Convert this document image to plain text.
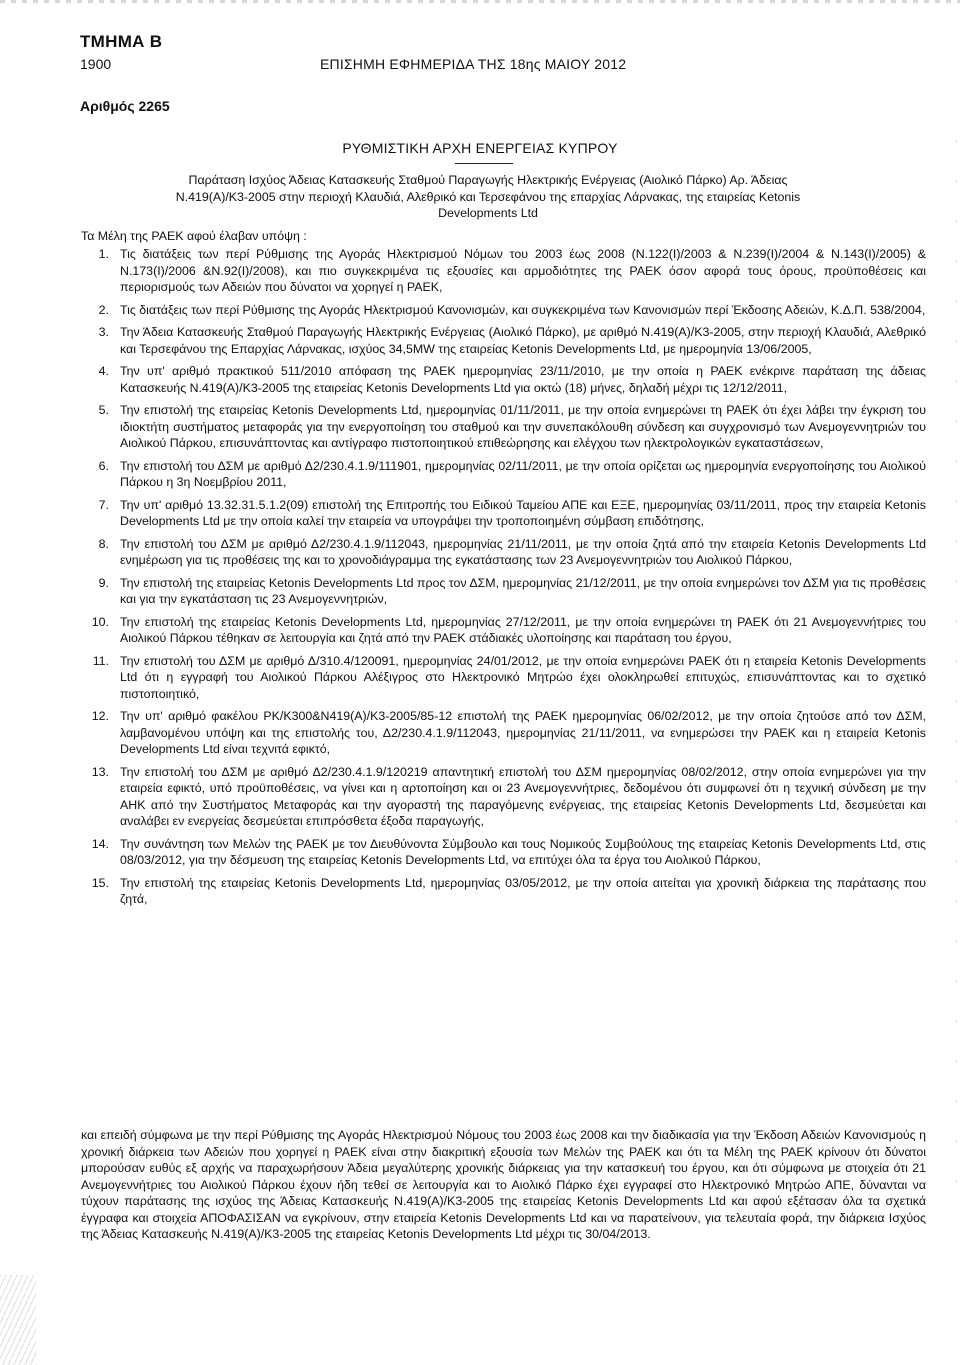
ΤΜΗΜΑ Β
1900	ΕΠΙΣΗΜΗ ΕΦΗΜΕΡΙΔΑ ΤΗΣ 18ης ΜΑΙΟΥ 2012
Αριθμός 2265
ΡΥΘΜΙΣΤΙΚΗ ΑΡΧΗ ΕΝΕΡΓΕΙΑΣ ΚΥΠΡΟΥ
Παράταση Ισχύος Άδειας Κατασκευής Σταθμού Παραγωγής Ηλεκτρικής Ενέργειας (Αιολικό Πάρκο) Αρ. Άδειας
Ν.419(Α)/Κ3-2005 στην περιοχή Κλαυδιά, Αλεθρικό και Τερσεφάνου της επαρχίας Λάρνακας, της εταιρείας Ketonis
Developments Ltd
Τα Μέλη της ΡΑΕΚ αφού έλαβαν υπόψη :
1. Τις διατάξεις των περί Ρύθμισης της Αγοράς Ηλεκτρισμού Νόμων του 2003 έως 2008 (Ν.122(Ι)/2003 & Ν.239(Ι)/2004 & Ν.143(Ι)/2005) & Ν.173(Ι)/2006 &Ν.92(Ι)/2008), και πιο συγκεκριμένα τις εξουσίες και αρμοδιότητες της ΡΑΕΚ όσον αφορά τους όρους, προϋποθέσεις και περιορισμούς των Αδειών που δύνατοι να χορηγεί η ΡΑΕΚ,
2. Τις διατάξεις των περί Ρύθμισης της Αγοράς Ηλεκτρισμού Κανονισμών, και συγκεκριμένα των Κανονισμών περί Έκδοσης Αδειών, Κ.Δ.Π. 538/2004,
3. Την Άδεια Κατασκευής Σταθμού Παραγωγής Ηλεκτρικής Ενέργειας (Αιολικό Πάρκο), με αριθμό Ν.419(Α)/Κ3-2005, στην περιοχή Κλαυδιά, Αλεθρικό και Τερσεφάνου της Επαρχίας Λάρνακας, ισχύος 34,5MW της εταιρείας Ketonis Developments Ltd, με ημερομηνία 13/06/2005,
4. Την υπ' αριθμό πρακτικού 511/2010 απόφαση της ΡΑΕΚ ημερομηνίας 23/11/2010, με την οποία η ΡΑΕΚ ενέκρινε παράταση της άδειας Κατασκευής Ν.419(Α)/Κ3-2005 της εταιρείας Ketonis Developments Ltd για οκτώ (18) μήνες, δηλαδή μέχρι τις 12/12/2011,
5. Την επιστολή της εταιρείας Ketonis Developments Ltd, ημερομηνίας 01/11/2011, με την οποία ενημερώνει τη ΡΑΕΚ ότι έχει λάβει την έγκριση του ιδιοκτήτη συστήματος μεταφοράς για την ενεργοποίηση του σταθμού και την συνεπακόλουθη σύνδεση και συγχρονισμό των Ανεμογεννητριών του Αιολικού Πάρκου, επισυνάπτοντας και αντίγραφο πιστοποιητικού επιθεώρησης και ελέγχου των ηλεκτρολογικών εγκαταστάσεων,
6. Την επιστολή του ΔΣΜ με αριθμό Δ2/230.4.1.9/111901, ημερομηνίας 02/11/2011, με την οποία ορίζεται ως ημερομηνία ενεργοποίησης του Αιολικού Πάρκου η 3η Νοεμβρίου 2011,
7. Την υπ' αριθμό 13.32.31.5.1.2(09) επιστολή της Επιτροπής του Ειδικού Ταμείου ΑΠΕ και ΕΞΕ, ημερομηνίας 03/11/2011, προς την εταιρεία Ketonis Developments Ltd με την οποία καλεί την εταιρεία να υπογράψει την τροποποιημένη σύμβαση επιδότησης,
8. Την επιστολή του ΔΣΜ με αριθμό Δ2/230.4.1.9/112043, ημερομηνίας 21/11/2011, με την οποία ζητά από την εταιρεία Ketonis Developments Ltd ενημέρωση για τις προθέσεις της και το χρονοδιάγραμμα της εγκατάστασης των 23 Ανεμογεννητριών του Αιολικού Πάρκου,
9. Την επιστολή της εταιρείας Ketonis Developments Ltd προς τον ΔΣΜ, ημερομηνίας 21/12/2011, με την οποία ενημερώνει τον ΔΣΜ για τις προθέσεις και για την εγκατάσταση τις 23 Ανεμογεννητριών,
10. Την επιστολή της εταιρείας Ketonis Developments Ltd, ημερομηνίας 27/12/2011, με την οποία ενημερώνει τη ΡΑΕΚ ότι 21 Ανεμογεννήτριες του Αιολικού Πάρκου τέθηκαν σε λειτουργία και ζητά από την ΡΑΕΚ στάδιακές υλοποίησης και παράταση του έργου,
11. Την επιστολή του ΔΣΜ με αριθμό Δ/310.4/120091, ημερομηνίας 24/01/2012, με την οποία ενημερώνει ΡΑΕΚ ότι η εταιρεία Ketonis Developments Ltd ότι η εγγραφή του Αιολικού Πάρκου Αλέξιγρος στο Ηλεκτρονικό Μητρώο έχει ολοκληρωθεί επιτυχώς, επισυνάπτοντας και το σχετικό πιστοποιητικό,
12. Την υπ' αριθμό φακέλου ΡΚ/Κ300&Ν419(Α)/Κ3-2005/85-12 επιστολή της ΡΑΕΚ ημερομηνίας 06/02/2012, με την οποία ζητούσε από τον ΔΣΜ, λαμβανομένου υπόψη και της επιστολής του, Δ2/230.4.1.9/112043, ημερομηνίας 21/11/2011, να ενημερώσει την ΡΑΕΚ και η εταιρεία Ketonis Developments Ltd είναι τεχνιτά εφικτό,
13. Την επιστολή του ΔΣΜ με αριθμό Δ2/230.4.1.9/120219 απαντητική επιστολή του ΔΣΜ ημερομηνίας 08/02/2012, στην οποία ενημερώνει για την εταιρεία εφικτό, υπό προϋποθέσεις, να γίνει και η αρτοποίηση και οι 23 Ανεμογεννήτριες, δεδομένου ότι συμφωνεί ότι η τεχνική σύνδεση με την ΑΗΚ από την Συστήματος Μεταφοράς και την αγοραστή της παραγόμενης ενέργειας, της εταιρείας Ketonis Developments Ltd, δεσμεύεται και αναλάβει εν ενεργείας δεσμεύεται επιπρόσθετα έξοδα παραγωγής,
14. Την συνάντηση των Μελών της ΡΑΕΚ με τον Διευθύνοντα Σύμβουλο και τους Νομικούς Συμβούλους της εταιρείας Ketonis Developments Ltd, στις 08/03/2012, για την δέσμευση της εταιρείας Ketonis Developments Ltd, να επιτύχει όλα τα έργα του Αιολικού Πάρκου,
15. Την επιστολή της εταιρείας Ketonis Developments Ltd, ημερομηνίας 03/05/2012, με την οποία αιτείται για χρονική διάρκεια της παράτασης που ζητά,
και επειδή σύμφωνα με την περί Ρύθμισης της Αγοράς Ηλεκτρισμού Νόμους του 2003 έως 2008 και την διαδικασία για την Έκδοση Αδειών Κανονισμούς η χρονική διάρκεια των Αδειών που χορηγεί η ΡΑΕΚ είναι στην διακριτική εξουσία των Μελών της ΡΑΕΚ και ότι τα Μέλη της ΡΑΕΚ κρίνουν ότι δύνατοι μπορούσαν ευθύς εξ αρχής να παραχωρήσουν Άδεια μεγαλύτερης χρονικής διάρκειας για την κατασκευή του έργου, και ότι σύμφωνα με στοιχεία ότι 21 Ανεμογεννήτριες του Αιολικού Πάρκου έχουν ήδη τεθεί σε λειτουργία και το Αιολικό Πάρκο έχει εγγραφεί στο Ηλεκτρονικό Μητρώο ΑΠΕ, δύνανται να τύχουν παράτασης της ισχύος της Άδειας Κατασκευής Ν.419(Α)/Κ3-2005 της εταιρείας Ketonis Developments Ltd και αφού εξέτασαν όλα τα σχετικά έγγραφα και στοιχεία ΑΠΟΦΑΣΙΣΑΝ να εγκρίνουν, στην εταιρεία Ketonis Developments Ltd και να παρατείνουν, για τελευταία φορά, την διάρκεια Ισχύος της Άδειας Κατασκευής Ν.419(Α)/Κ3-2005 της εταιρείας Ketonis Developments Ltd μέχρι τις 30/04/2013.
